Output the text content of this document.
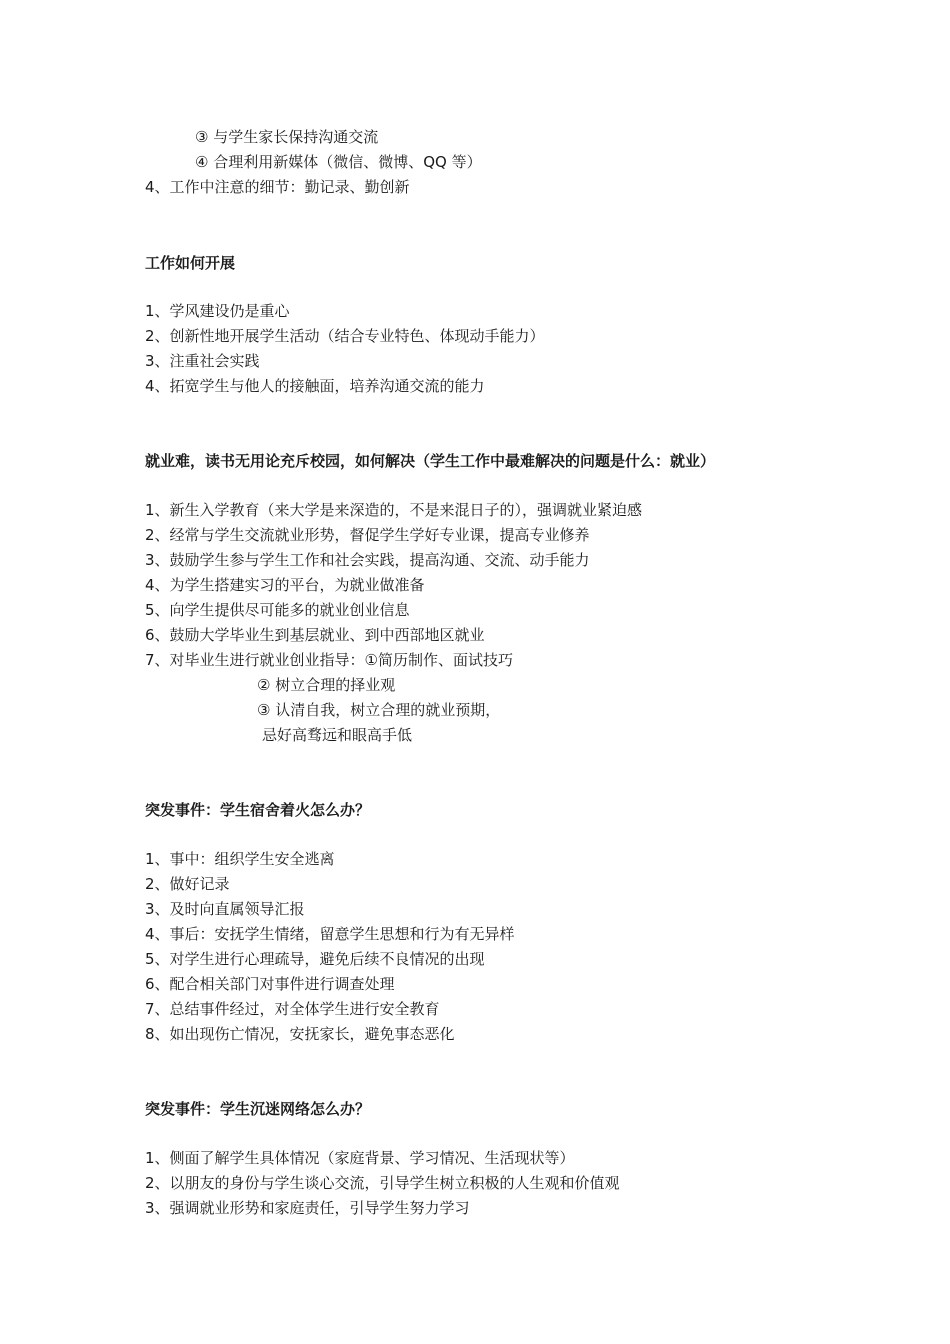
③ 与学生家长保持沟通交流
④ 合理利用新媒体（微信、微博、QQ 等）
4、工作中注意的细节：勤记录、勤创新
工作如何开展
1、学风建设仍是重心
2、创新性地开展学生活动（结合专业特色、体现动手能力）
3、注重社会实践
4、拓宽学生与他人的接触面，培养沟通交流的能力
就业难，读书无用论充斥校园，如何解决（学生工作中最难解决的问题是什么：就业）
1、新生入学教育（来大学是来深造的，不是来混日子的），强调就业紧迫感
2、经常与学生交流就业形势，督促学生学好专业课，提高专业修养
3、鼓励学生参与学生工作和社会实践，提高沟通、交流、动手能力
4、为学生搭建实习的平台，为就业做准备
5、向学生提供尽可能多的就业创业信息
6、鼓励大学毕业生到基层就业、到中西部地区就业
7、对毕业生进行就业创业指导：①简历制作、面试技巧
② 树立合理的择业观
③ 认清自我，树立合理的就业预期，
忌好高骛远和眼高手低
突发事件：学生宿舍着火怎么办？
1、事中：组织学生安全逃离
2、做好记录
3、及时向直属领导汇报
4、事后：安抚学生情绪，留意学生思想和行为有无异样
5、对学生进行心理疏导，避免后续不良情况的出现
6、配合相关部门对事件进行调查处理
7、总结事件经过，对全体学生进行安全教育
8、如出现伤亡情况，安抚家长，避免事态恶化
突发事件：学生沉迷网络怎么办？
1、侧面了解学生具体情况（家庭背景、学习情况、生活现状等）
2、以朋友的身份与学生谈心交流，引导学生树立积极的人生观和价值观
3、强调就业形势和家庭责任，引导学生努力学习
